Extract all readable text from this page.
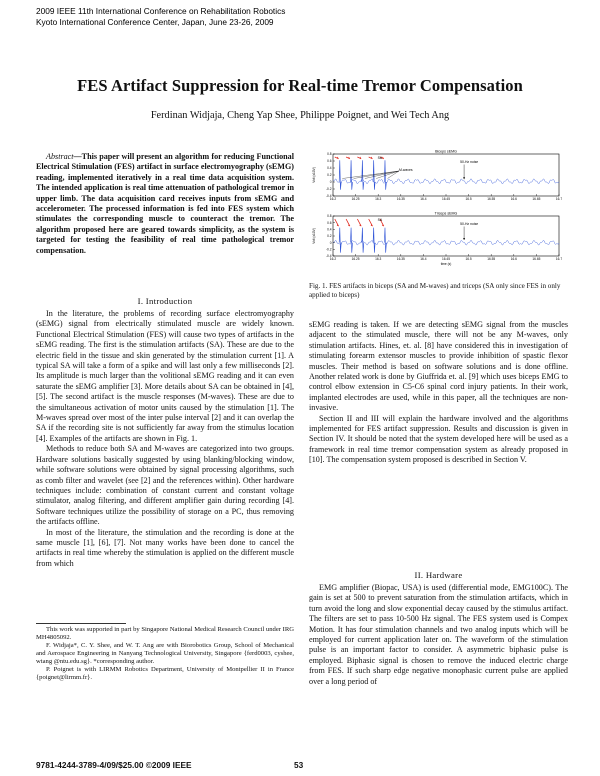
2009 IEEE 11th International Conference on Rehabilitation Robotics
Kyoto International Conference Center, Japan, June 23-26, 2009
FES Artifact Suppression for Real-time Tremor Compensation
Ferdinan Widjaja, Cheng Yap Shee, Philippe Poignet, and Wei Tech Ang
Abstract—This paper will present an algorithm for reducing Functional Electrical Stimulation (FES) artifact in surface electromyography (sEMG) reading, implemented iteratively in a real time data acquisition system. The intended application is real time attenuation of pathological tremor in upper limb. The data acquisition card receives inputs from sEMG and accelerometer. The processed information is fed into FES system which stimulates the corresponding muscle to counteract the tremor. The algorithm proposed here are geared towards simplicity, as the system is targeted for testing the feasibility of real time pathological tremor compensation.
I. Introduction

In the literature, the problems of recording surface electromyography (sEMG) signal from electrically stimulated muscle are widely known. Functional Electrical Stimulation (FES) will cause two types of artifacts in the sEMG reading. The first is the stimulation artifacts (SA). These are due to the electric field in the tissue and skin generated by the stimulation current [1]. A typical SA will take a form of a spike and will last only a few milliseconds [2]. Its amplitude is much larger than the volitional sEMG reading and it can even saturate the sEMG amplifier [3]. More details about SA can be obtained in [4], [5]. The second artifact is the muscle responses (M-waves). These are due to the simultaneous activation of motor units caused by the stimulation [1]. The M-waves spread over most of the inter pulse interval [2] and it can overlap the SA if the recording site is not sufficiently far away from the stimulus location [4]. Examples of the artifacts are shown in Fig. 1.

Methods to reduce both SA and M-waves are categorized into two groups. Hardware solutions basically suggested by using blanking/blocking window, while software solutions were obtained by signal processing algorithms, such as comb filter and wavelet (see [2] and the references within). Other hardware techniques include: combination of constant current and constant voltage stimulator, analog filtering, and different amplifier gain during recording [4]. Software techniques utilize the possibility of storage on a PC, thus removing the artifacts offline.

In most of the literature, the stimulation and the recording is done at the same muscle [1], [6], [7]. Not many works have been done to cancel the artifacts in real time whereby the stimulation is applied on the different muscle from which

This work was supported in part by Singapore National Medical Research Council under IRG MH4805092.

F. Widjaja*, C. Y. Shee, and W. T. Ang are with Biorobotics Group, School of Mechanical and Aerospace Engineering in Nanyang Technological University, Singapore {ferd0003, cyshee, wtang @ntu.edu.sg}. *corresponding author.

P. Poignet is with LIRMM Robotics Department, University of Montpellier II in France {poignet@lirmm.fr}.

Biceps sEMG
Volt (x10V)
0.8
0.6
0.4
0.2
0
-0.2
-0.4
16.2	16.25	16.3	16.35	16.4	16.45	16.5	16.55	16.6	16.65	16.7
SA
50-Hz noise
M-waves
Triceps sEMG
Volt (x10V)
0.8
0.6
0.4
0.2
0
-0.2
-0.4
16.2	16.25	16.3	16.35	16.4	16.45	16.5	16.55	16.6	16.65	16.7
time (s)
SA
50-Hz noise
Fig. 1. FES artifacts in biceps (SA and M-waves) and triceps (SA only since FES in only applied to biceps)

sEMG reading is taken. If we are detecting sEMG signal from the muscles adjacent to the stimulated muscle, there will not be any M-waves, only stimulation artifacts. Hines, et. al. [8] have considered this in investigation of stimulating forearm extensor muscles to provide inhibition of spastic flexor muscles. Their method is based on software solutions and is done offline. Another related work is done by Giuffrida et. al. [9] which uses biceps EMG to control elbow extension in C5-C6 spinal cord injury patients. In their work, implanted electrodes are used, while in this paper, all the techniques are non-invasive.

Section II and III will explain the hardware involved and the algorithms implemented for FES artifact suppression. Results and discussion is given in Section IV. It should be noted that the system developed here will be used as a framework in real time tremor compensation system as already proposed in [10]. The compensation system proposed is described in Section V.

II. Hardware

EMG amplifier (Biopac, USA) is used (differential mode, EMG100C). The gain is set at 500 to prevent saturation from the stimulation artifacts, which in turn avoid the long and slow exponential decay caused by the stimulus artifact. The filters are set to pass 10-500 Hz signal. The FES system used is Compex Motion. It has four stimulation channels and two analog inputs which will be employed for current application later on. The waveform of the stimulation pulse is an important factor to consider. A asymmetric biphasic pulse is employed. Biphasic signal is chosen to remove the induced electric charge from FES. If such sharp edge negative monophasic current pulse are applied over a long period of

9781-4244-3789-4/09/$25.00 ©2009 IEEE	53
